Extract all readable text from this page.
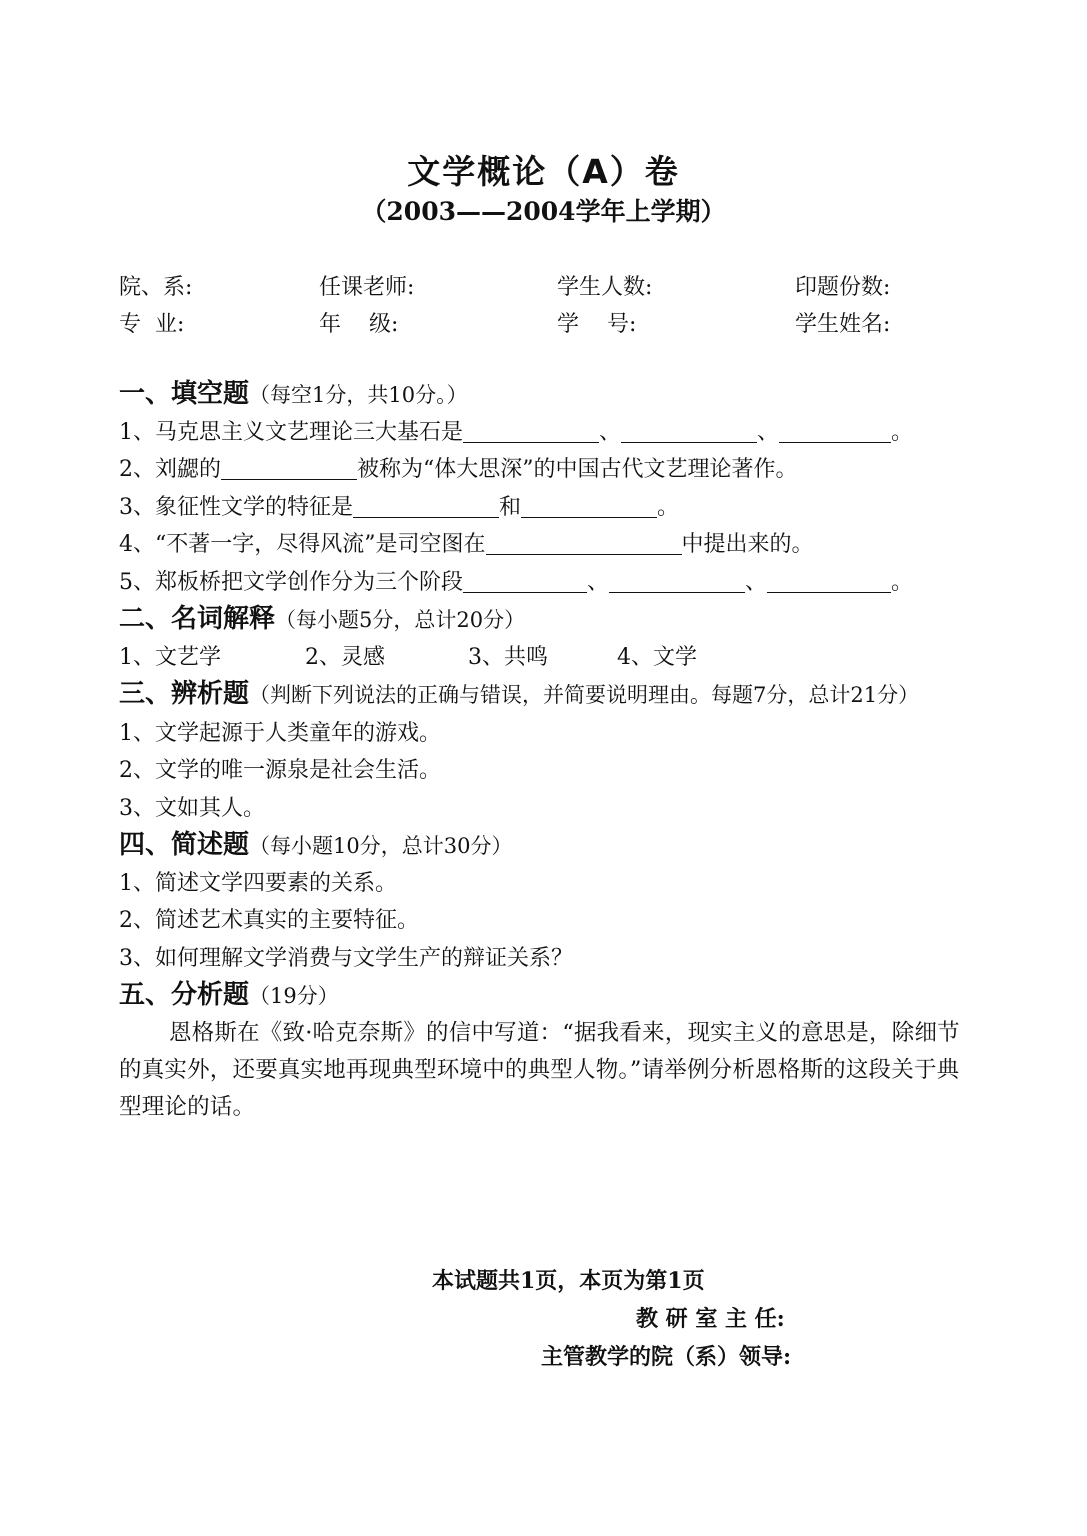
文学概论（A）卷
（2003——2004学年上学期）
院、系:	任课老师:	学生人数:	印题份数:
专  业:	年    级:	学    号:	学生姓名:
一、填空题（每空1分，共10分。）
1、马克思主义文艺理论三大基石是	、	、	。
2、刘勰的	被称为“体大思深”的中国古代文艺理论著作。
3、象征性文学的特征是	和	。
4、“不著一字，尽得风流”是司空图在	中提出来的。
5、郑板桥把文学创作分为三个阶段	、	、	。
二、名词解释（每小题5分，总计20分）
1、文艺学	2、灵感	3、共鸣	4、文学
三、辨析题（判断下列说法的正确与错误，并简要说明理由。每题7分，总计21分）
1、文学起源于人类童年的游戏。
2、文学的唯一源泉是社会生活。
3、文如其人。
四、简述题（每小题10分，总计30分）
1、简述文学四要素的关系。
2、简述艺术真实的主要特征。
3、如何理解文学消费与文学生产的辩证关系？
五、分析题（19分）
恩格斯在《致·哈克奈斯》的信中写道：“据我看来，现实主义的意思是，除细节的真实外，还要真实地再现典型环境中的典型人物。”请举例分析恩格斯的这段关于典型理论的话。
本试题共1页，本页为第1页
教 研 室 主 任:
主管教学的院（系）领导:
